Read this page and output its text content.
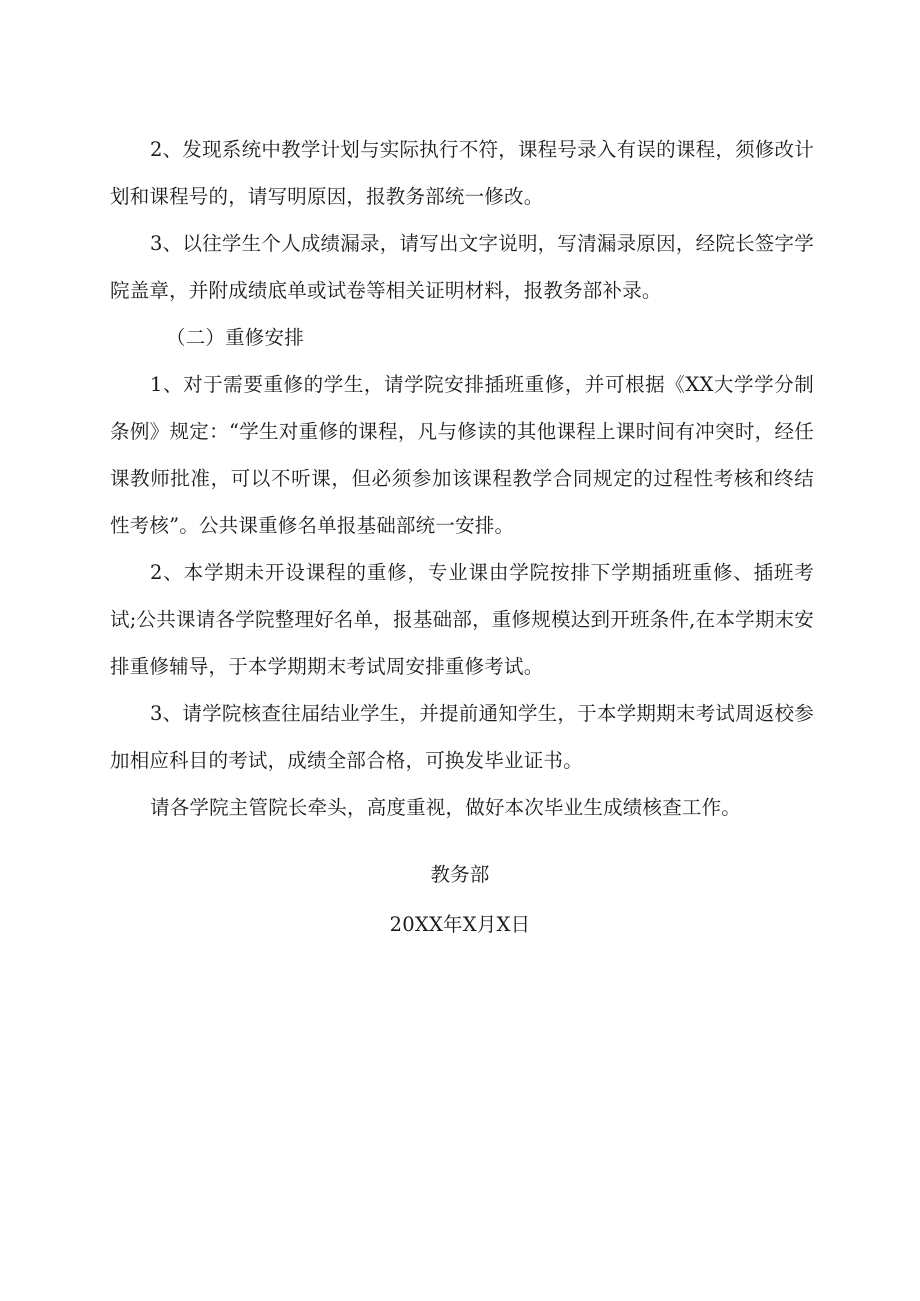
2、发现系统中教学计划与实际执行不符，课程号录入有误的课程，须修改计划和课程号的，请写明原因，报教务部统一修改。

3、以往学生个人成绩漏录，请写出文字说明，写清漏录原因，经院长签字学院盖章，并附成绩底单或试卷等相关证明材料，报教务部补录。

（二）重修安排

1、对于需要重修的学生，请学院安排插班重修，并可根据《XX大学学分制条例》规定：“学生对重修的课程，凡与修读的其他课程上课时间有冲突时，经任课教师批准，可以不听课，但必须参加该课程教学合同规定的过程性考核和终结性考核”。公共课重修名单报基础部统一安排。

2、本学期未开设课程的重修，专业课由学院按排下学期插班重修、插班考试;公共课请各学院整理好名单，报基础部，重修规模达到开班条件,在本学期末安排重修辅导，于本学期期末考试周安排重修考试。

3、请学院核查往届结业学生，并提前通知学生，于本学期期末考试周返校参加相应科目的考试，成绩全部合格，可换发毕业证书。

请各学院主管院长牵头，高度重视，做好本次毕业生成绩核查工作。

教务部
20XX年X月X日
